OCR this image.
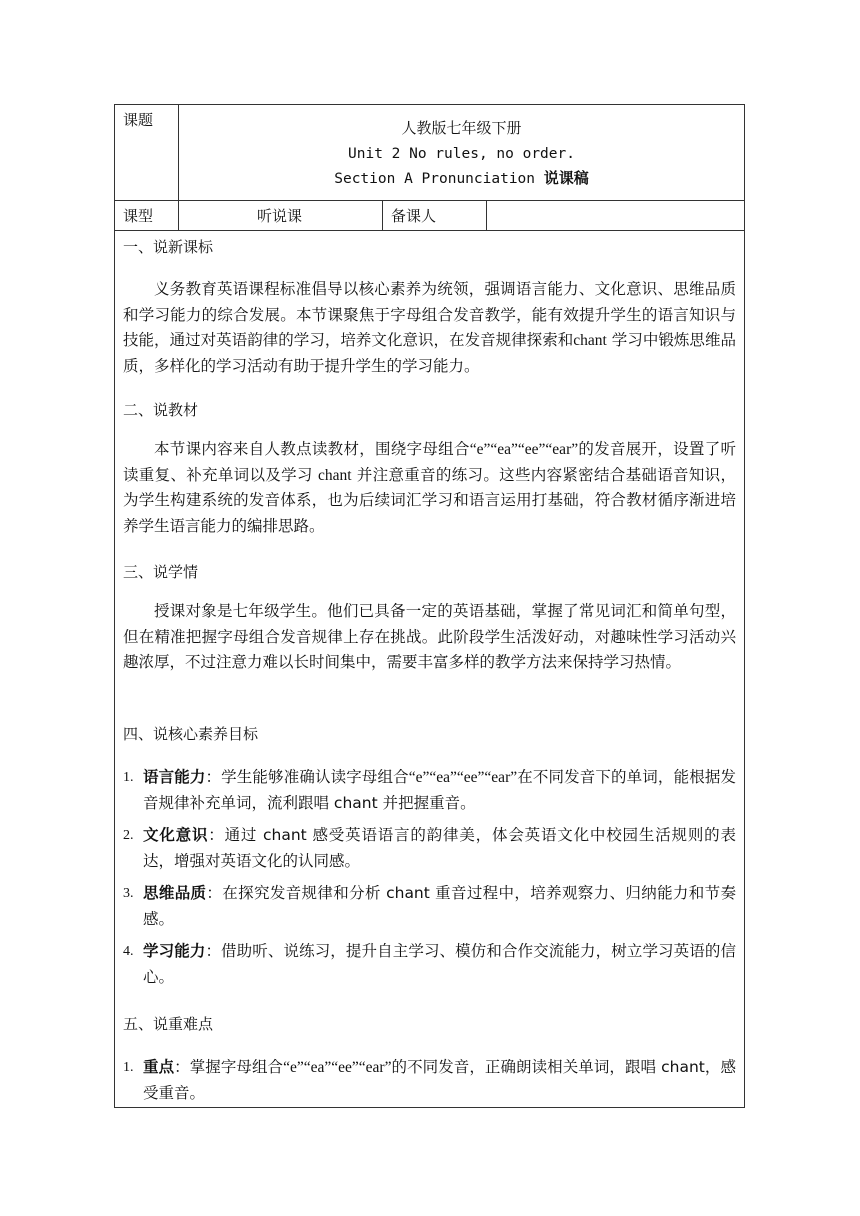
课题	人教版七年级下册
Unit 2 No rules, no order.
Section A Pronunciation 说课稿
课型	听说课	备课人
一、说新课标
义务教育英语课程标准倡导以核心素养为统领，强调语言能力、文化意识、思维品质和学习能力的综合发展。本节课聚焦于字母组合发音教学，能有效提升学生的语言知识与技能，通过对英语韵律的学习，培养文化意识，在发音规律探索和chant 学习中锻炼思维品质，多样化的学习活动有助于提升学生的学习能力。
二、说教材
本节课内容来自人教点读教材，围绕字母组合“e”“ea”“ee”“ear”的发音展开，设置了听读重复、补充单词以及学习 chant 并注意重音的练习。这些内容紧密结合基础语音知识，为学生构建系统的发音体系，也为后续词汇学习和语言运用打基础，符合教材循序渐进培养学生语言能力的编排思路。
三、说学情
授课对象是七年级学生。他们已具备一定的英语基础，掌握了常见词汇和简单句型，但在精准把握字母组合发音规律上存在挑战。此阶段学生活泼好动，对趣味性学习活动兴趣浓厚，不过注意力难以长时间集中，需要丰富多样的教学方法来保持学习热情。
四、说核心素养目标
1. 语言能力：学生能够准确认读字母组合“e”“ea”“ee”“ear”在不同发音下的单词，能根据发音规律补充单词，流利跟唱 chant 并把握重音。
2. 文化意识：通过 chant 感受英语语言的韵律美，体会英语文化中校园生活规则的表达，增强对英语文化的认同感。
3. 思维品质：在探究发音规律和分析 chant 重音过程中，培养观察力、归纳能力和节奏感。
4. 学习能力：借助听、说练习，提升自主学习、模仿和合作交流能力，树立学习英语的信心。
五、说重难点
1. 重点：掌握字母组合“e”“ea”“ee”“ear”的不同发音，正确朗读相关单词，跟唱 chant，感受重音。
